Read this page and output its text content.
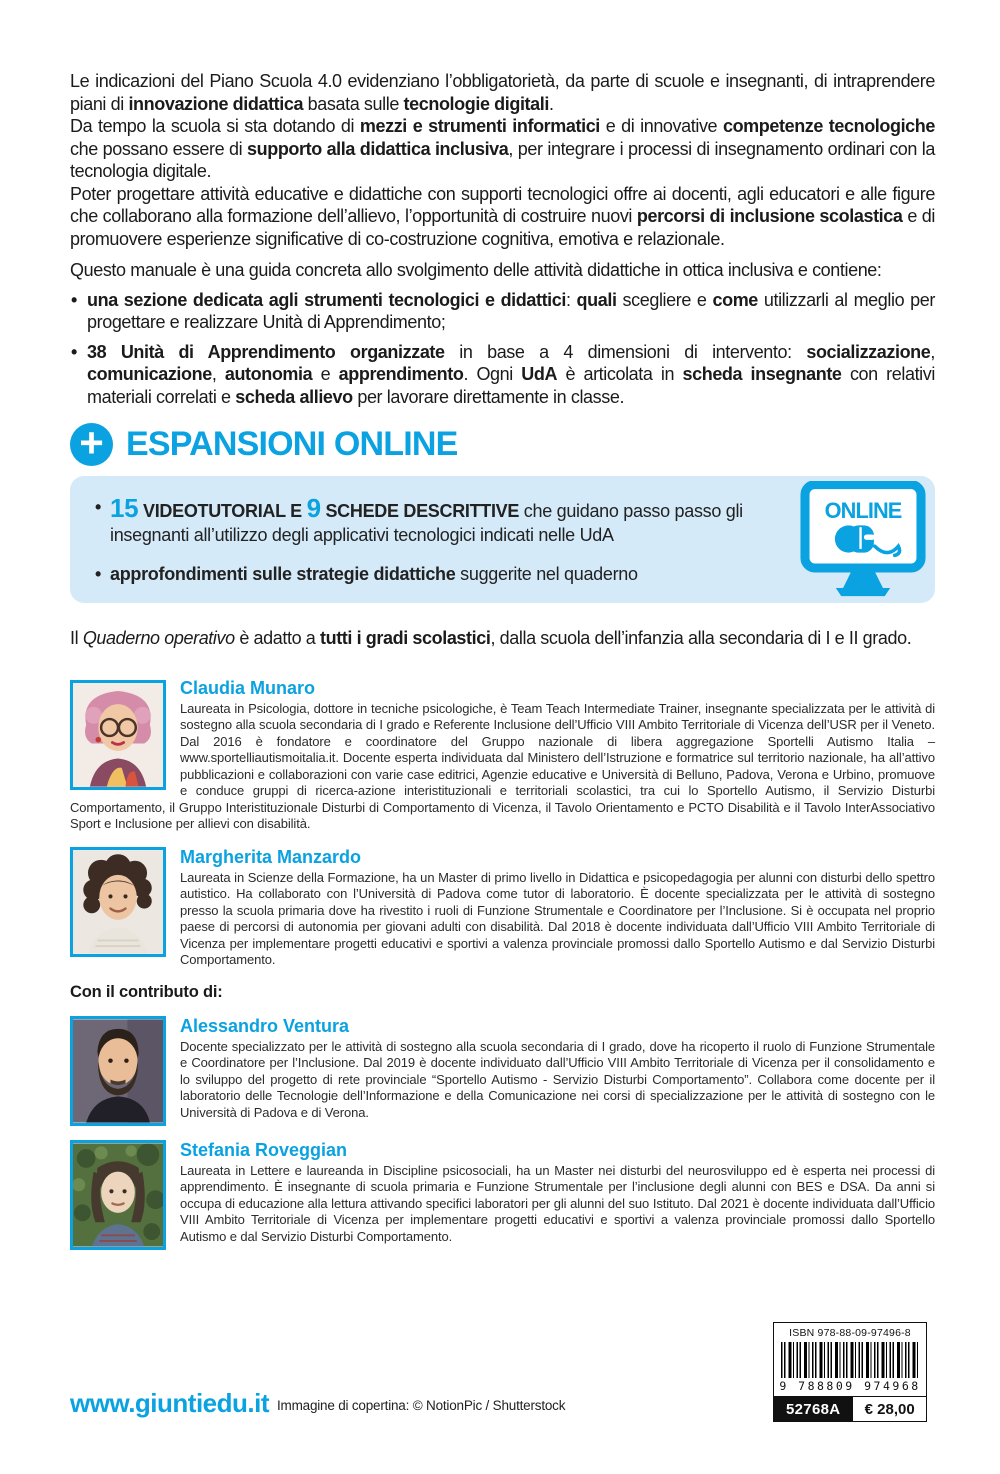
Le indicazioni del Piano Scuola 4.0 evidenziano l’obbligatorietà, da parte di scuole e insegnanti, di intraprendere piani di innovazione didattica basata sulle tecnologie digitali.

Da tempo la scuola si sta dotando di mezzi e strumenti informatici e di innovative competenze tecnologiche che possano essere di supporto alla didattica inclusiva, per integrare i processi di insegnamento ordinari con la tecnologia digitale.

Poter progettare attività educative e didattiche con supporti tecnologici offre ai docenti, agli educatori e alle figure che collaborano alla formazione dell’allievo, l’opportunità di costruire nuovi percorsi di inclusione scolastica e di promuovere esperienze significative di co-costruzione cognitiva, emotiva e relazionale.

Questo manuale è una guida concreta allo svolgimento delle attività didattiche in ottica inclusiva e contiene:

• una sezione dedicata agli strumenti tecnologici e didattici: quali scegliere e come utilizzarli al meglio per progettare e realizzare Unità di Apprendimento;
• 38 Unità di Apprendimento organizzate in base a 4 dimensioni di intervento: socializzazione, comunicazione, autonomia e apprendimento. Ogni UdA è articolata in scheda insegnante con relativi materiali correlati e scheda allievo per lavorare direttamente in classe.
+ ESPANSIONI ONLINE
• 15 VIDEOTUTORIAL E 9 SCHEDE DESCRITTIVE che guidano passo passo gli insegnanti all’utilizzo degli applicativi tecnologici indicati nelle UdA
• approfondimenti sulle strategie didattiche suggerite nel quaderno
ONLINE

Il Quaderno operativo è adatto a tutti i gradi scolastici, dalla scuola dell’infanzia alla secondaria di I e II grado.

Claudia Munaro
Laureata in Psicologia, dottore in tecniche psicologiche, è Team Teach Intermediate Trainer, insegnante specializzata per le attività di sostegno alla scuola secondaria di I grado e Referente Inclusione dell’Ufficio VIII Ambito Territoriale di Vicenza dell’USR per il Veneto. Dal 2016 è fondatore e coordinatore del Gruppo nazionale di libera aggregazione Sportelli Autismo Italia – www.sportelliautismoitalia.it. Docente esperta individuata dal Ministero dell’Istruzione e formatrice sul territorio nazionale, ha all’attivo pubblicazioni e collaborazioni con varie case editrici, Agenzie educative e Università di Belluno, Padova, Verona e Urbino, promuove e conduce gruppi di ricerca-azione interistituzionali e territoriali scolastici, tra cui lo Sportello Autismo, il Servizio Disturbi Comportamento, il Gruppo Interistituzionale Disturbi di Comportamento di Vicenza, il Tavolo Orientamento e PCTO Disabilità e il Tavolo InterAssociativo Sport e Inclusione per allievi con disabilità.
Margherita Manzardo
Laureata in Scienze della Formazione, ha un Master di primo livello in Didattica e psicopedagogia per alunni con disturbi dello spettro autistico. Ha collaborato con l’Università di Padova come tutor di laboratorio. È docente specializzata per le attività di sostegno presso la scuola primaria dove ha rivestito i ruoli di Funzione Strumentale e Coordinatore per l’Inclusione. Si è occupata nel proprio paese di percorsi di autonomia per giovani adulti con disabilità. Dal 2018 è docente individuata dall’Ufficio VIII Ambito Territoriale di Vicenza per implementare progetti educativi e sportivi a valenza provinciale promossi dallo Sportello Autismo e dal Servizio Disturbi Comportamento.
Con il contributo di:
Alessandro Ventura
Docente specializzato per le attività di sostegno alla scuola secondaria di I grado, dove ha ricoperto il ruolo di Funzione Strumentale e Coordinatore per l’Inclusione. Dal 2019 è docente individuato dall’Ufficio VIII Ambito Territoriale di Vicenza per il consolidamento e lo sviluppo del progetto di rete provinciale “Sportello Autismo - Servizio Disturbi Comportamento”. Collabora come docente per il laboratorio delle Tecnologie dell’Informazione e della Comunicazione nei corsi di specializzazione per le attività di sostegno con le Università di Padova e di Verona.
Stefania Roveggian
Laureata in Lettere e laureanda in Discipline psicosociali, ha un Master nei disturbi del neurosviluppo ed è esperta nei processi di apprendimento. È insegnante di scuola primaria e Funzione Strumentale per l’inclusione degli alunni con BES e DSA. Da anni si occupa di educazione alla lettura attivando specifici laboratori per gli alunni del suo Istituto. Dal 2021 è docente individuata dall’Ufficio VIII Ambito Territoriale di Vicenza per implementare progetti educativi e sportivi a valenza provinciale promossi dallo Sportello Autismo e dal Servizio Disturbi Comportamento.
ISBN 978-88-09-97496-8
9 788809 974968
52768A	€ 28,00
www.giuntiedu.it Immagine di copertina: © NotionPic / Shutterstock
